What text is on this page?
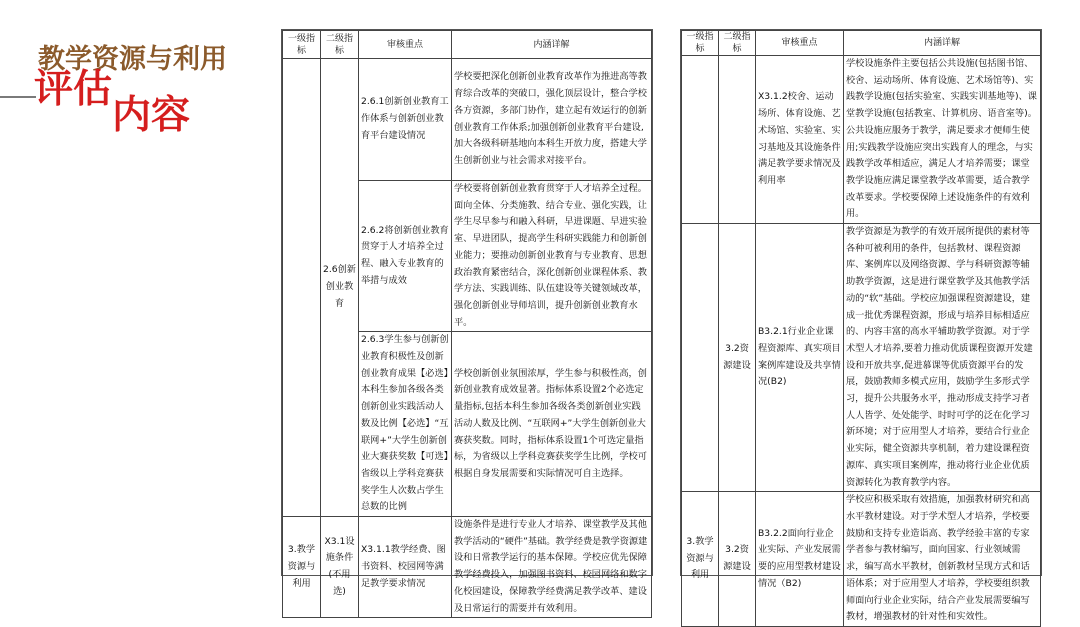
教学资源与利用
评估
内容
一级指标	二级指标	审核重点	内涵详解
	2.6创新创业教育	2.6.1创新创业教育工作体系与创新创业教育平台建设情况	学校要把深化创新创业教育改革作为推进高等教育综合改革的突破口，强化顶层设计，整合学校各方资源，多部门协作，建立起有效运行的创新创业教育工作体系;加强创新创业教育平台建设,加大各级科研基地向本科生开放力度，搭建大学生创新创业与社会需求对接平台。

		2.6.2将创新创业教育贯穿于人才培养全过程、融入专业教育的举措与成效	学校要将创新创业教育贯穿于人才培养全过程。面向全体、分类施教、结合专业、强化实践，让学生尽早参与和融入科研，早进课题、早进实验室、早进团队，提高学生科研实践能力和创新创业能力；要推动创新创业教育与专业教育、思想政治教育紧密结合，深化创新创业课程体系、教学方法、实践训练、队伍建设等关键领域改革，强化创新创业导师培训，提升创新创业教育水平。

		2.6.3学生参与创新创业教育积极性及创新创业教育成果【必选】本科生参加各级各类创新创业实践活动人数及比例【必选】“互联网+”大学生创新创业大赛获奖数【可选】省级以上学科竞赛获奖学生人次数占学生总数的比例	学校创新创业氛围浓厚，学生参与积极性高，创新创业教育成效显著。指标体系设置2个必选定量指标,包括本科生参加各级各类创新创业实践活动人数及比例、“互联网+”大学生创新创业大赛获奖数。同时，指标体系设置1个可选定量指标，为省级以上学科竞赛获奖学生比例，学校可根据自身发展需要和实际情况可自主选择。

3.教学资源与利用	X3.1设施条件(不用选)	X3.1.1教学经费、图书资料、校园网等满足教学要求情况	设施条件是进行专业人才培养、课堂教学及其他教学活动的“硬件”基础。教学经费是教学资源建设和日常教学运行的基本保障。学校应优先保障教学经费投入，加强图书资料、校园网络和数字化校园建设，保障教学经费满足教学改革、建设及日常运行的需要并有效利用。
一级指标	二级指标	审核重点	内涵详解

		X3.1.2校舍、运动场所、体育设施、艺术场馆、实验室、实习基地及其设施条件满足教学要求情况及利用率	学校设施条件主要包括公共设施(包括图书馆、校舍、运动场所、体育设施、艺术场馆等)、实践教学设施(包括实验室、实践实训基地等)、课堂教学设施(包括教室、计算机房、语音室等)。公共设施应服务于教学，满足要求才便师生使用;实践教学设施应突出实践育人的理念，与实践教学改革相适应，满足人才培养需要；课堂教学设施应满足课堂教学改革需要，适合教学改革要求。学校要保障上述设施条件的有效利用。

	3.2资源建设	B3.2.1行业企业课程资源库、真实项目案例库建设及共享情况(B2)	教学资源是为教学的有效开展所提供的素材等各种可被利用的条件，包括教材、课程资源库、案例库以及网络资源、学与科研资源等辅助教学资源，这是进行课堂教学及其他教学活动的“软”基础。学校应加强课程资源建设，建成一批优秀课程资源，形成与培养目标相适应的、内容丰富的高水平辅助教学资源。对于学术型人才培养,要着力推动优质课程资源开发建设和开放共享,促进慕课等优质资源平台的发展，鼓励教师多模式应用，鼓励学生多形式学习，提升公共服务水平，推动形成支持学习者人人皆学、处处能学、时时可学的泛在化学习新环境；对于应用型人才培养，要结合行业企业实际，健全资源共享机制，着力建设课程资源库、真实项目案例库，推动将行业企业优质资源转化为教育教学内容。

3.教学资源与利用	3.2资源建设	B3.2.2面向行业企业实际、产业发展需要的应用型教材建设情况（B2)	学校应积极采取有效措施，加强教材研究和高水平教材建设。对于学术型人才培养，学校要鼓励和支持专业造诣高、教学经验丰富的专家学者参与教材编写，面向国家、行业领域需求，编写高水平教材，创新教材呈现方式和话语体系；对于应用型人才培养，学校要组织教师面向行业企业实际，结合产业发展需要编写教材，增强教材的针对性和实效性。
